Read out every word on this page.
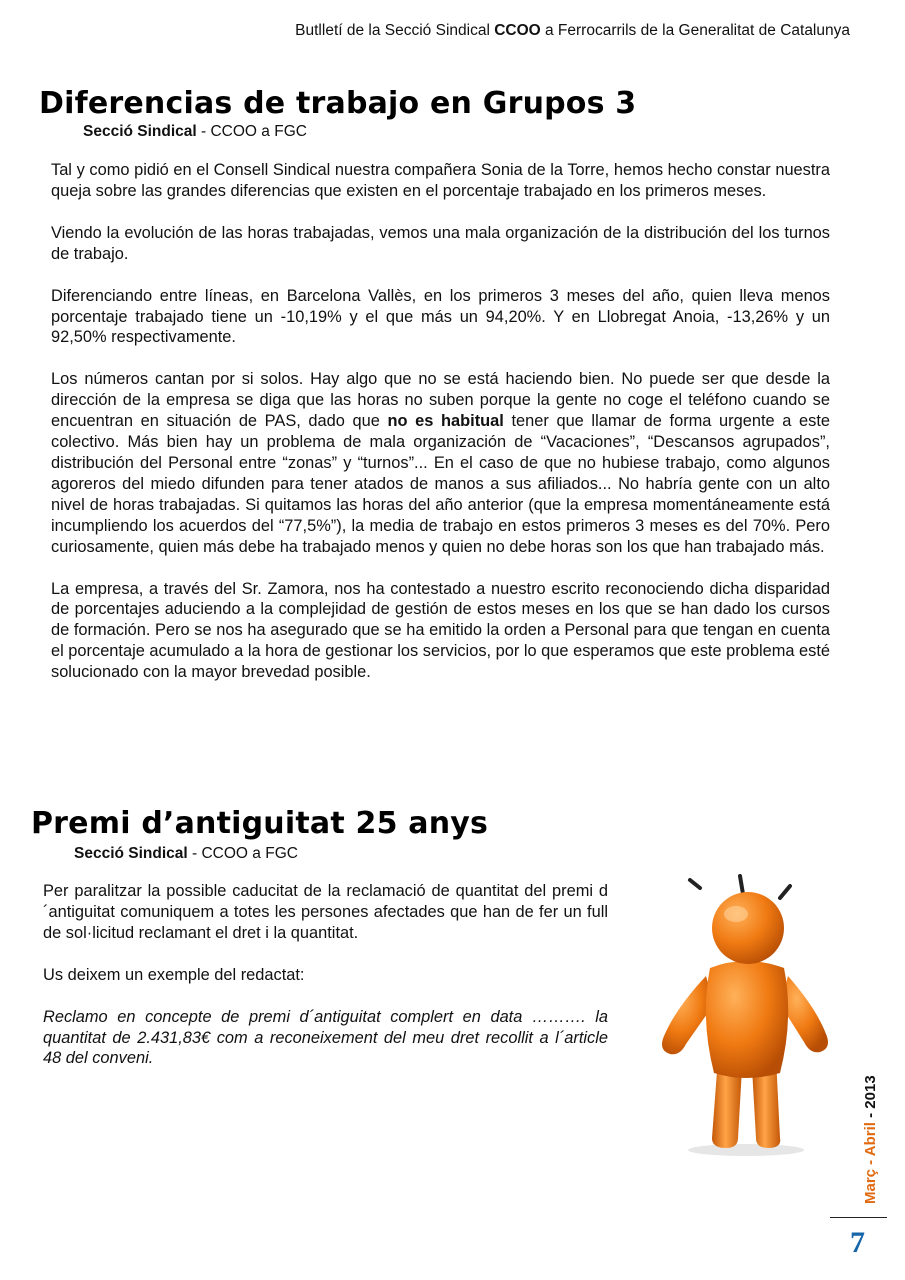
Butlletí de la Secció Sindical CCOO a Ferrocarrils de la Generalitat de Catalunya
Diferencias de trabajo en Grupos 3
Secció Sindical - CCOO a FGC

Tal y como pidió en el Consell Sindical nuestra compañera Sonia de la Torre, hemos hecho constar nuestra queja sobre las grandes diferencias que existen en el porcentaje trabajado en los primeros meses.

Viendo la evolución de las horas trabajadas, vemos una mala organización de la distribución del los turnos de trabajo.

Diferenciando entre líneas, en Barcelona Vallès, en los primeros 3 meses del año, quien lleva menos porcentaje trabajado tiene un -10,19% y el que más un 94,20%. Y en Llobregat Anoia, -13,26% y un 92,50% respectivamente.

Los números cantan por si solos. Hay algo que no se está haciendo bien. No puede ser que desde la dirección de la empresa se diga que las horas no suben porque la gente no coge el teléfono cuando se encuentran en situación de PAS, dado que no es habitual tener que llamar de forma urgente a este colectivo. Más bien hay un problema de mala organización de “Vacaciones”, “Descansos agrupados”, distribución del Personal entre “zonas” y “turnos”... En el caso de que no hubiese trabajo, como algunos agoreros del miedo difunden para tener atados de manos a sus afiliados... No habría gente con un alto nivel de horas trabajadas. Si quitamos las horas del año anterior (que la empresa momentáneamente está incumpliendo los acuerdos del “77,5%”), la media de trabajo en estos primeros 3 meses es del 70%. Pero curiosamente, quien más debe ha trabajado menos y quien no debe horas son los que han trabajado más.

La empresa, a través del Sr. Zamora, nos ha contestado a nuestro escrito reconociendo dicha disparidad de porcentajes aduciendo a la complejidad de gestión de estos meses en los que se han dado los cursos de formación. Pero se nos ha asegurado que se ha emitido la orden a Personal para que tengan en cuenta el porcentaje acumulado a la hora de gestionar los servicios, por lo que esperamos que este problema esté solucionado con la mayor brevedad posible.

Premi d’antiguitat 25 anys
Secció Sindical - CCOO a FGC

Per paralitzar la possible caducitat de la reclamació de quantitat del premi d´antiguitat comuniquem a totes les persones afectades que han de fer un full de sol·licitud reclamant el dret i la quantitat.

Us deixem un exemple del redactat:

Reclamo en concepte de premi d´antiguitat complert en data ………. la quantitat de 2.431,83€ com a reconeixement del meu dret recollit a l´article 48 del conveni.

Març - Abril - 2013
7
